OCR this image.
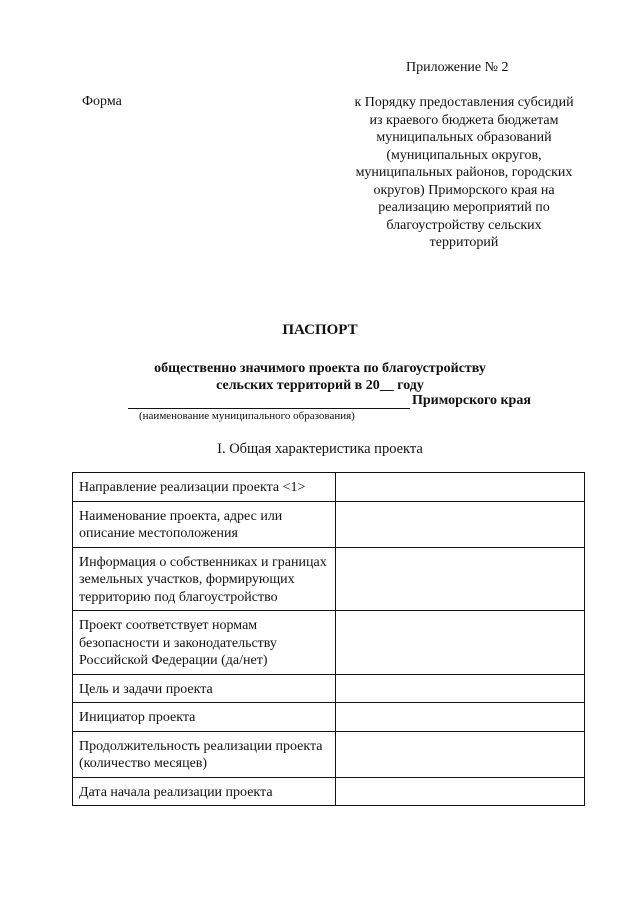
Приложение № 2
Форма	к Порядку предоставления субсидий
из краевого бюджета бюджетам
муниципальных образований
(муниципальных округов,
муниципальных районов, городских
округов) Приморского края на
реализацию мероприятий по
благоустройству сельских
территорий
ПАСПОРТ
общественно значимого проекта по благоустройству
сельских территорий в 20__ году
Приморского края
(наименование муниципального образования)
I. Общая характеристика проекта
Направление реализации проекта <1>	
Наименование проекта, адрес или описание местоположения	
Информация о собственниках и границах земельных участков, формирующих территорию под благоустройство	
Проект соответствует нормам безопасности и законодательству Российской Федерации (да/нет)	
Цель и задачи проекта	
Инициатор проекта	
Продолжительность реализации проекта (количество месяцев)	
Дата начала реализации проекта	
